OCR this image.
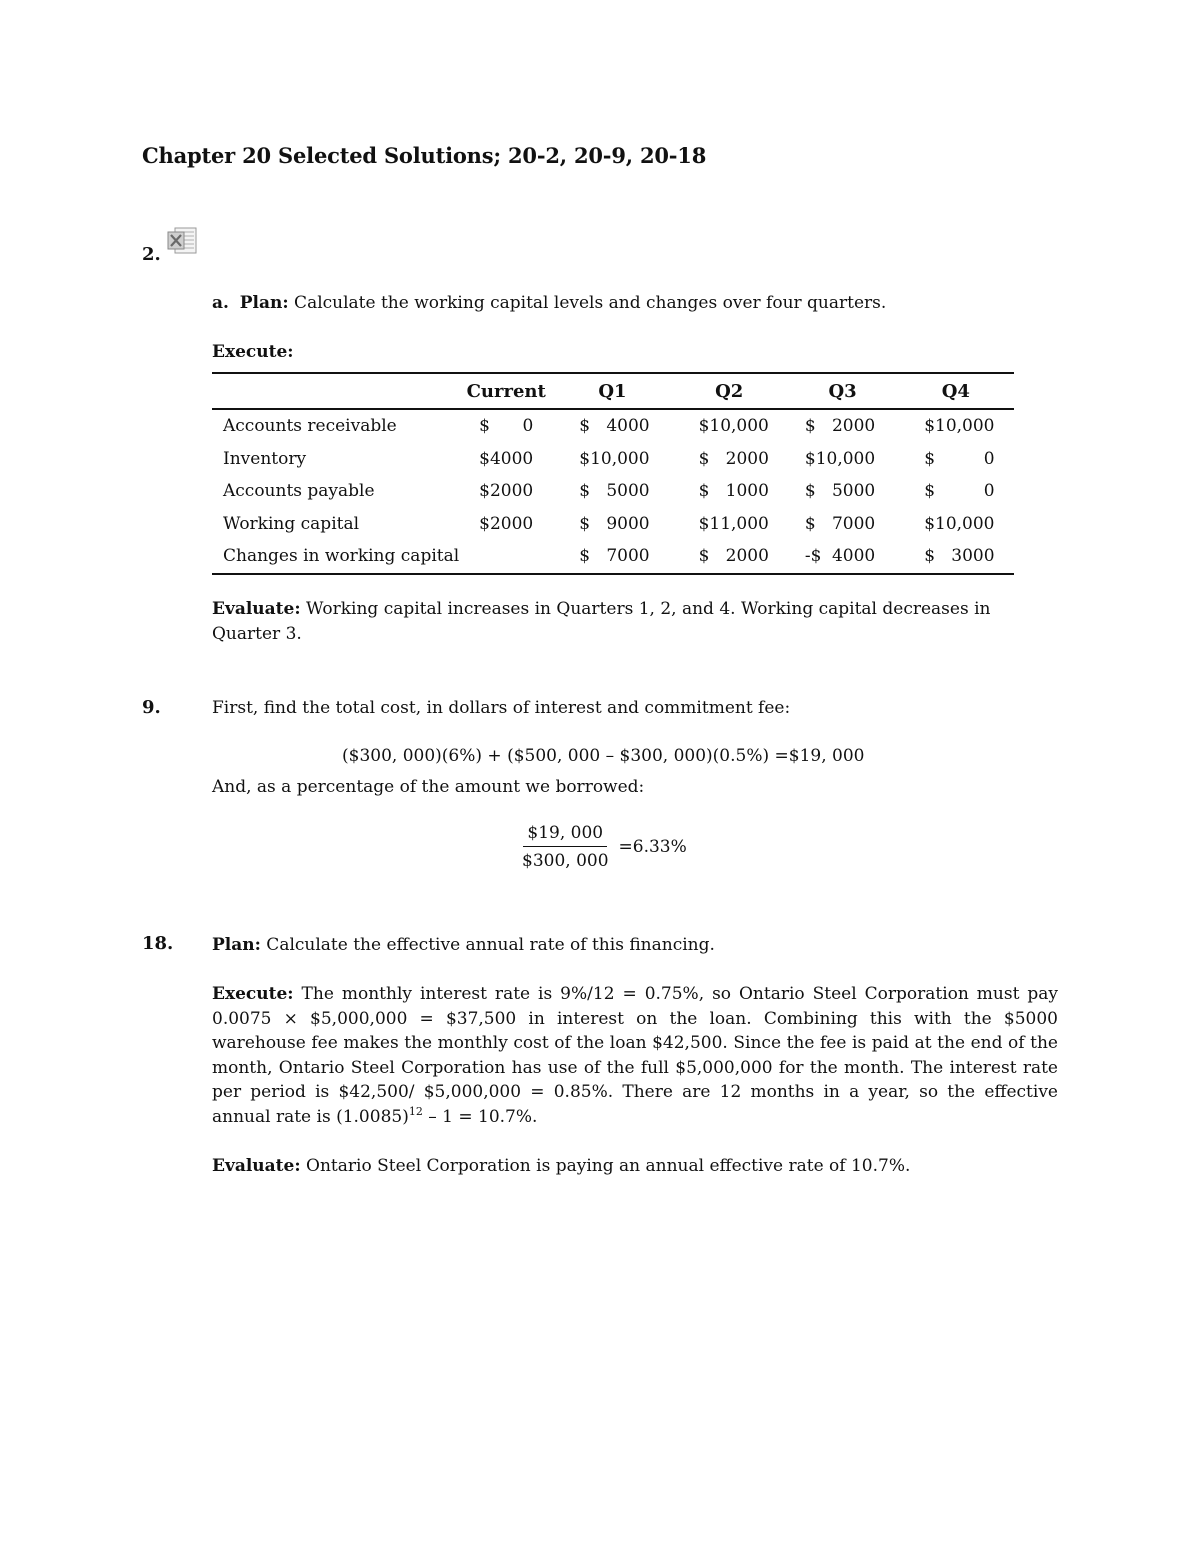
Chapter 20 Selected Solutions; 20-2, 20-9, 20-18
2.
a. Plan: Calculate the working capital levels and changes over four quarters.
Execute:
	Current	Q1	Q2	Q3	Q4
Accounts receivable	$ 0	$ 4000	$10,000	$ 2000	$10,000

Inventory	$4000	$10,000	$ 2000	$10,000	$ 0

Accounts payable	$2000	$ 5000	$ 1000	$ 5000	$ 0

Working capital	$2000	$ 9000	$11,000	$ 7000	$10,000

Changes in working capital		$ 7000	$ 2000	-$ 4000	$ 3000
Evaluate: Working capital increases in Quarters 1, 2, and 4. Working capital decreases in Quarter 3.
9.	First, find the total cost, in dollars of interest and commitment fee:
($300, 000)(6%) + ($500, 000 – $300, 000)(0.5%) =$19, 000
And, as a percentage of the amount we borrowed:
$\frac{\$19, 000}{\$300, 000} =6.33\%$
18. Plan: Calculate the effective annual rate of this financing.
Execute: The monthly interest rate is 9%/12 = 0.75%, so Ontario Steel Corporation must pay 0.0075 × $5,000,000 = $37,500 in interest on the loan. Combining this with the $5000 warehouse fee makes the monthly cost of the loan $42,500. Since the fee is paid at the end of the month, Ontario Steel Corporation has use of the full $5,000,000 for the month. The interest rate per period is $42,500/ $5,000,000 = 0.85%. There are 12 months in a year, so the effective annual rate is $(1.0085)^{12} - 1 = 10.7\%$.
Evaluate: Ontario Steel Corporation is paying an annual effective rate of 10.7%.
